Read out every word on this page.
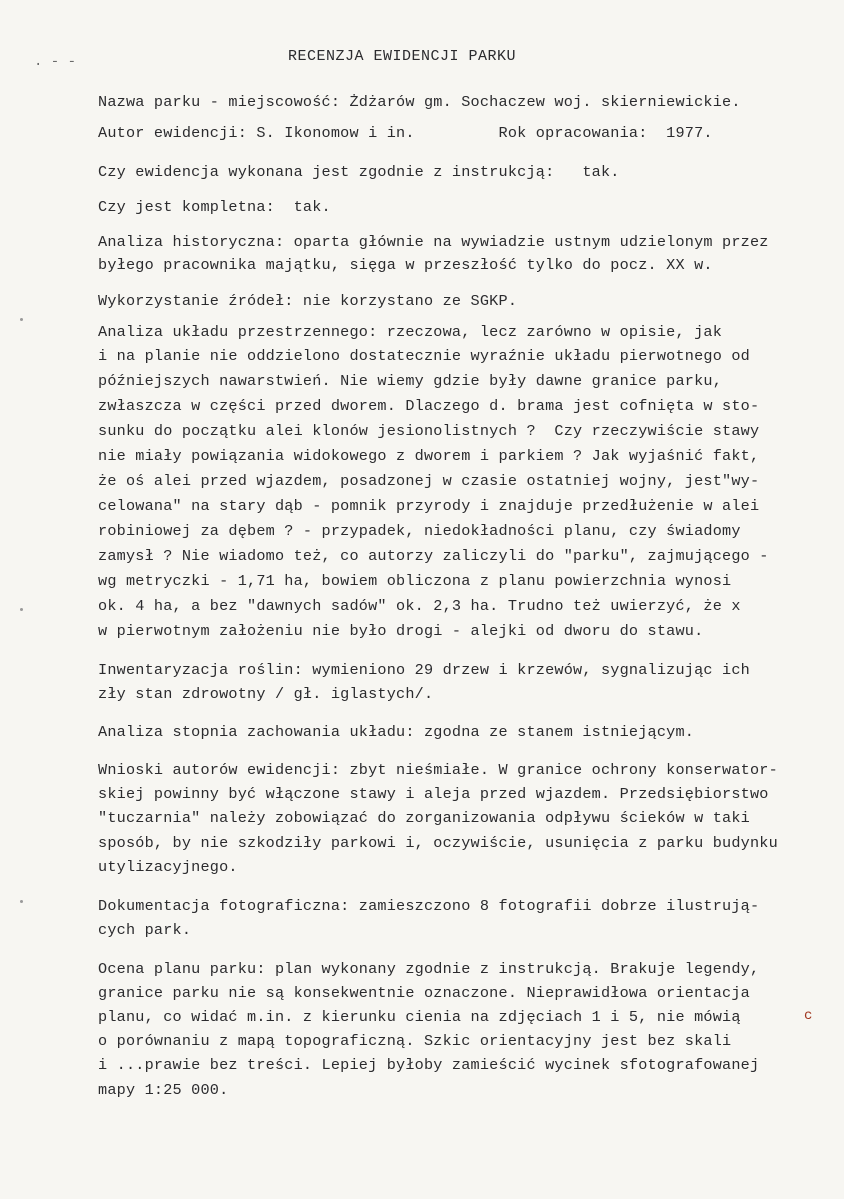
. - -	RECENZJA EWIDENCJI PARKU
Nazwa parku - miejscowość: Żdżarów gm. Sochaczew woj. skierniewickie.
Autor ewidencji: S. Ikonomow i in.         Rok opracowania:  1977.
Czy ewidencja wykonana jest zgodnie z instrukcją:   tak.
Czy jest kompletna:  tak.
Analiza historyczna: oparta głównie na wywiadzie ustnym udzielonym przez
byłego pracownika majątku, sięga w przeszłość tylko do pocz. XX w.
Wykorzystanie źródeł: nie korzystano ze SGKP.
Analiza układu przestrzennego: rzeczowa, lecz zarówno w opisie, jak
i na planie nie oddzielono dostatecznie wyraźnie układu pierwotnego od
późniejszych nawarstwień. Nie wiemy gdzie były dawne granice parku,
zwłaszcza w części przed dworem. Dlaczego d. brama jest cofnięta w sto-
sunku do początku alei klonów jesionolistnych ?  Czy rzeczywiście stawy
nie miały powiązania widokowego z dworem i parkiem ? Jak wyjaśnić fakt,
że oś alei przed wjazdem, posadzonej w czasie ostatniej wojny, jest"wy-
celowana" na stary dąb - pomnik przyrody i znajduje przedłużenie w alei
robiniowej za dębem ? - przypadek, niedokładności planu, czy świadomy
zamysł ? Nie wiadomo też, co autorzy zaliczyli do "parku", zajmującego -
wg metryczki - 1,71 ha, bowiem obliczona z planu powierzchnia wynosi
ok. 4 ha, a bez "dawnych sadów" ok. 2,3 ha. Trudno też uwierzyć, że x
w pierwotnym założeniu nie było drogi - alejki od dworu do stawu.
Inwentaryzacja roślin: wymieniono 29 drzew i krzewów, sygnalizując ich
zły stan zdrowotny / gł. iglastych/.
Analiza stopnia zachowania układu: zgodna ze stanem istniejącym.
Wnioski autorów ewidencji: zbyt nieśmiałe. W granice ochrony konserwator-
skiej powinny być włączone stawy i aleja przed wjazdem. Przedsiębiorstwo
"tuczarnia" należy zobowiązać do zorganizowania odpływu ścieków w taki
sposób, by nie szkodziły parkowi i, oczywiście, usunięcia z parku budynku
utylizacyjnego.
Dokumentacja fotograficzna: zamieszczono 8 fotografii dobrze ilustrują-
cych park.
Ocena planu parku: plan wykonany zgodnie z instrukcją. Brakuje legendy,
granice parku nie są konsekwentnie oznaczone. Nieprawidłowa orientacja
planu, co widać m.in. z kierunku cienia na zdjęciach 1 i 5, nie mówią
o porównaniu z mapą topograficzną. Szkic orientacyjny jest bez skali
i ...prawie bez treści. Lepiej byłoby zamieścić wycinek sfotografowanej
mapy 1:25 000.
c
